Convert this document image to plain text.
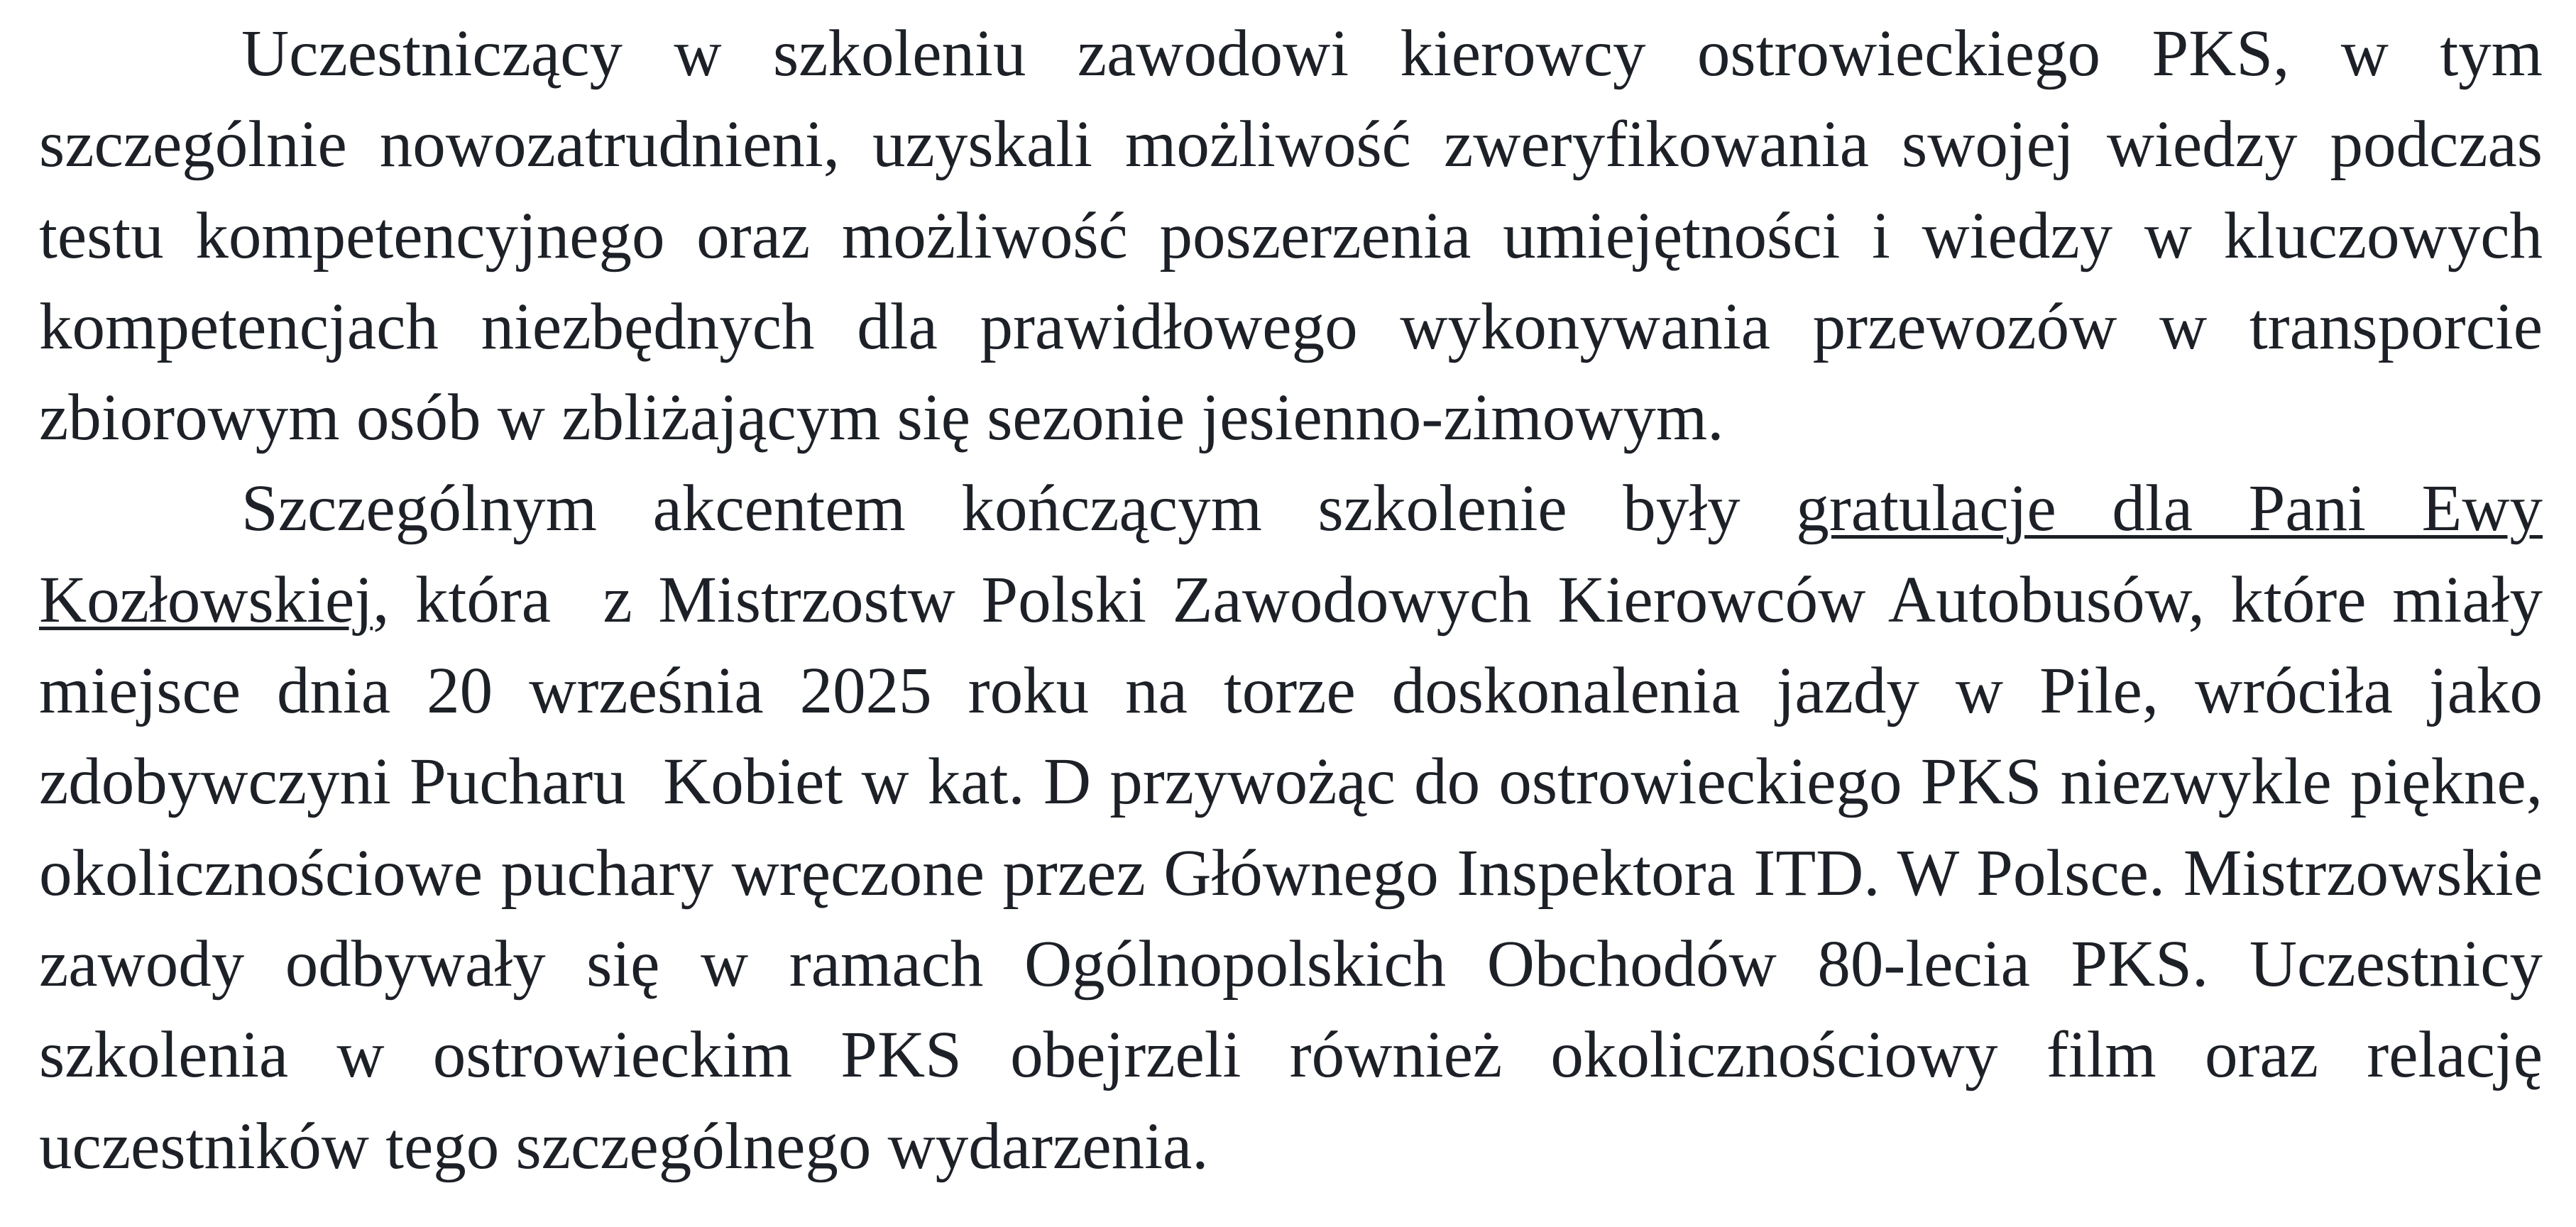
Uczestniczący w szkoleniu zawodowi kierowcy ostrowieckiego PKS, w tym
szczególnie nowozatrudnieni, uzyskali możliwość zweryfikowania swojej wiedzy podczas
testu kompetencyjnego oraz możliwość poszerzenia umiejętności i wiedzy w kluczowych
kompetencjach niezbędnych dla prawidłowego wykonywania przewozów w transporcie
zbiorowym osób w zbliżającym się sezonie jesienno-zimowym.
Szczególnym akcentem kończącym szkolenie były gratulacje dla Pani Ewy
Kozłowskiej, która  z Mistrzostw Polski Zawodowych Kierowców Autobusów, które miały
miejsce dnia 20 września 2025 roku na torze doskonalenia jazdy w Pile, wróciła jako
zdobywczyni Pucharu  Kobiet w kat. D przywożąc do ostrowieckiego PKS niezwykle piękne,
okolicznościowe puchary wręczone przez Głównego Inspektora ITD. W Polsce. Mistrzowskie
zawody odbywały się w ramach Ogólnopolskich Obchodów 80-lecia PKS. Uczestnicy
szkolenia w ostrowieckim PKS obejrzeli również okolicznościowy film oraz relację
uczestników tego szczególnego wydarzenia.
